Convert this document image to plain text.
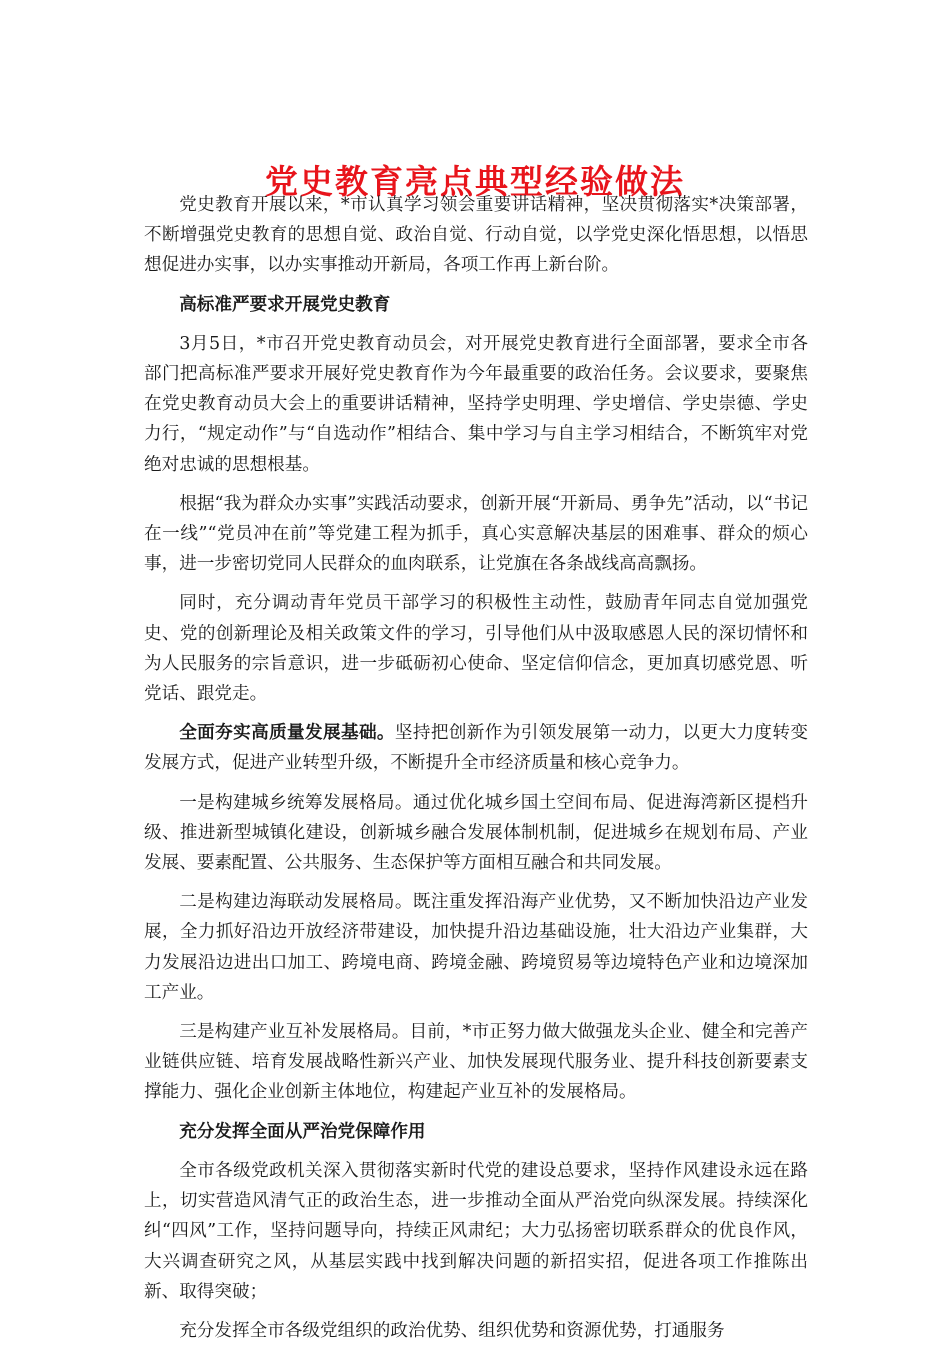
党史教育亮点典型经验做法

党史教育开展以来，*市认真学习领会重要讲话精神，坚决贯彻落实*决策部署，不断增强党史教育的思想自觉、政治自觉、行动自觉，以学党史深化悟思想，以悟思想促进办实事，以办实事推动开新局，各项工作再上新台阶。

高标准严要求开展党史教育

3月5日，*市召开党史教育动员会，对开展党史教育进行全面部署，要求全市各部门把高标准严要求开展好党史教育作为今年最重要的政治任务。会议要求，要聚焦在党史教育动员大会上的重要讲话精神，坚持学史明理、学史增信、学史崇德、学史力行，“规定动作”与“自选动作”相结合、集中学习与自主学习相结合，不断筑牢对党绝对忠诚的思想根基。

根据“我为群众办实事”实践活动要求，创新开展“开新局、勇争先”活动，以“书记在一线”“党员冲在前”等党建工程为抓手，真心实意解决基层的困难事、群众的烦心事，进一步密切党同人民群众的血肉联系，让党旗在各条战线高高飘扬。

同时，充分调动青年党员干部学习的积极性主动性，鼓励青年同志自觉加强党史、党的创新理论及相关政策文件的学习，引导他们从中汲取感恩人民的深切情怀和为人民服务的宗旨意识，进一步砥砺初心使命、坚定信仰信念，更加真切感党恩、听党话、跟党走。

全面夯实高质量发展基础。坚持把创新作为引领发展第一动力，以更大力度转变发展方式，促进产业转型升级，不断提升全市经济质量和核心竞争力。

一是构建城乡统筹发展格局。通过优化城乡国土空间布局、促进海湾新区提档升级、推进新型城镇化建设，创新城乡融合发展体制机制，促进城乡在规划布局、产业发展、要素配置、公共服务、生态保护等方面相互融合和共同发展。

二是构建边海联动发展格局。既注重发挥沿海产业优势，又不断加快沿边产业发展，全力抓好沿边开放经济带建设，加快提升沿边基础设施，壮大沿边产业集群，大力发展沿边进出口加工、跨境电商、跨境金融、跨境贸易等边境特色产业和边境深加工产业。

三是构建产业互补发展格局。目前，*市正努力做大做强龙头企业、健全和完善产业链供应链、培育发展战略性新兴产业、加快发展现代服务业、提升科技创新要素支撑能力、强化企业创新主体地位，构建起产业互补的发展格局。

充分发挥全面从严治党保障作用

全市各级党政机关深入贯彻落实新时代党的建设总要求，坚持作风建设永远在路上，切实营造风清气正的政治生态，进一步推动全面从严治党向纵深发展。持续深化纠“四风”工作，坚持问题导向，持续正风肃纪；大力弘扬密切联系群众的优良作风，大兴调查研究之风，从基层实践中找到解决问题的新招实招，促进各项工作推陈出新、取得突破；

充分发挥全市各级党组织的政治优势、组织优势和资源优势，打通服务
